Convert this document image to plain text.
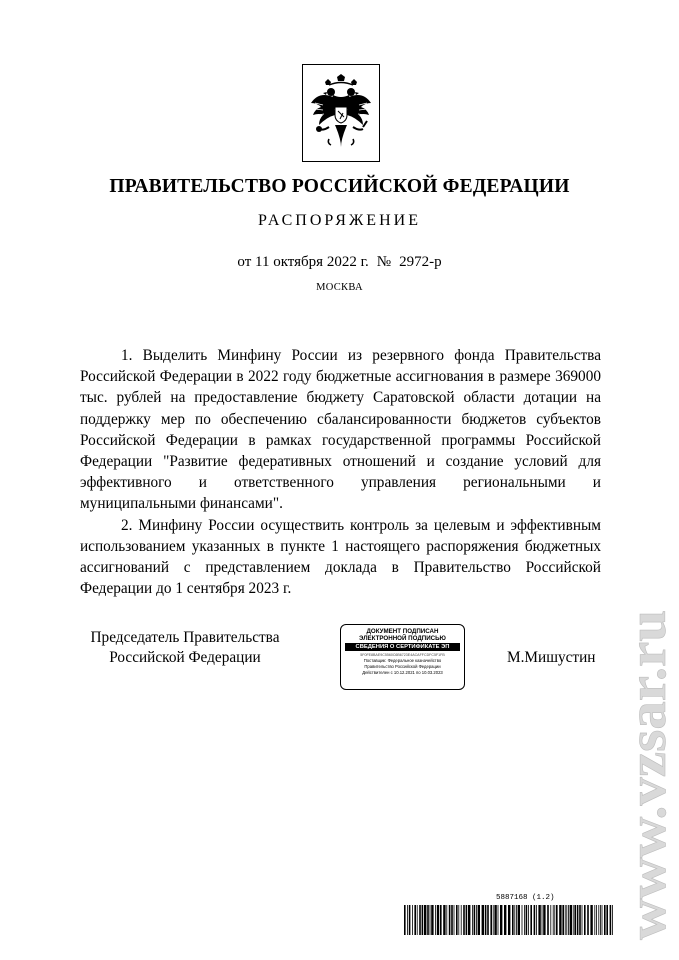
ПРАВИТЕЛЬСТВО РОССИЙСКОЙ ФЕДЕРАЦИИ
РАСПОРЯЖЕНИЕ
от 11 октября 2022 г. № 2972-р
МОСКВА

1. Выделить Минфину России из резервного фонда Правительства Российской Федерации в 2022 году бюджетные ассигнования в размере 369000 тыс. рублей на предоставление бюджету Саратовской области дотации на поддержку мер по обеспечению сбалансированности бюджетов субъектов Российской Федерации в рамках государственной программы Российской Федерации "Развитие федеративных отношений и создание условий для эффективного и ответственного управления региональными и муниципальными финансами".

2. Минфину России осуществить контроль за целевым и эффективным использованием указанных в пункте 1 настоящего распоряжения бюджетных ассигнований с представлением доклада в Правительство Российской Федерации до 1 сентября 2023 г.

Председатель Правительства
Российской Федерации
ДОКУМЕНТ ПОДПИСАН
ЭЛЕКТРОННОЙ ПОДПИСЬЮ
СВЕДЕНИЯ О СЕРТИФИКАТЕ ЭП
5F0FE8BAE9C5560C6B6723E4ACAFFCDFC5F1FB
Поставщик: Федеральное казначейство
Правительство Российской Федерации
Действителен с 10.12.2021 по 10.03.2023
М.Мишустин www.vzsar.ru
5887168 (1.2)
